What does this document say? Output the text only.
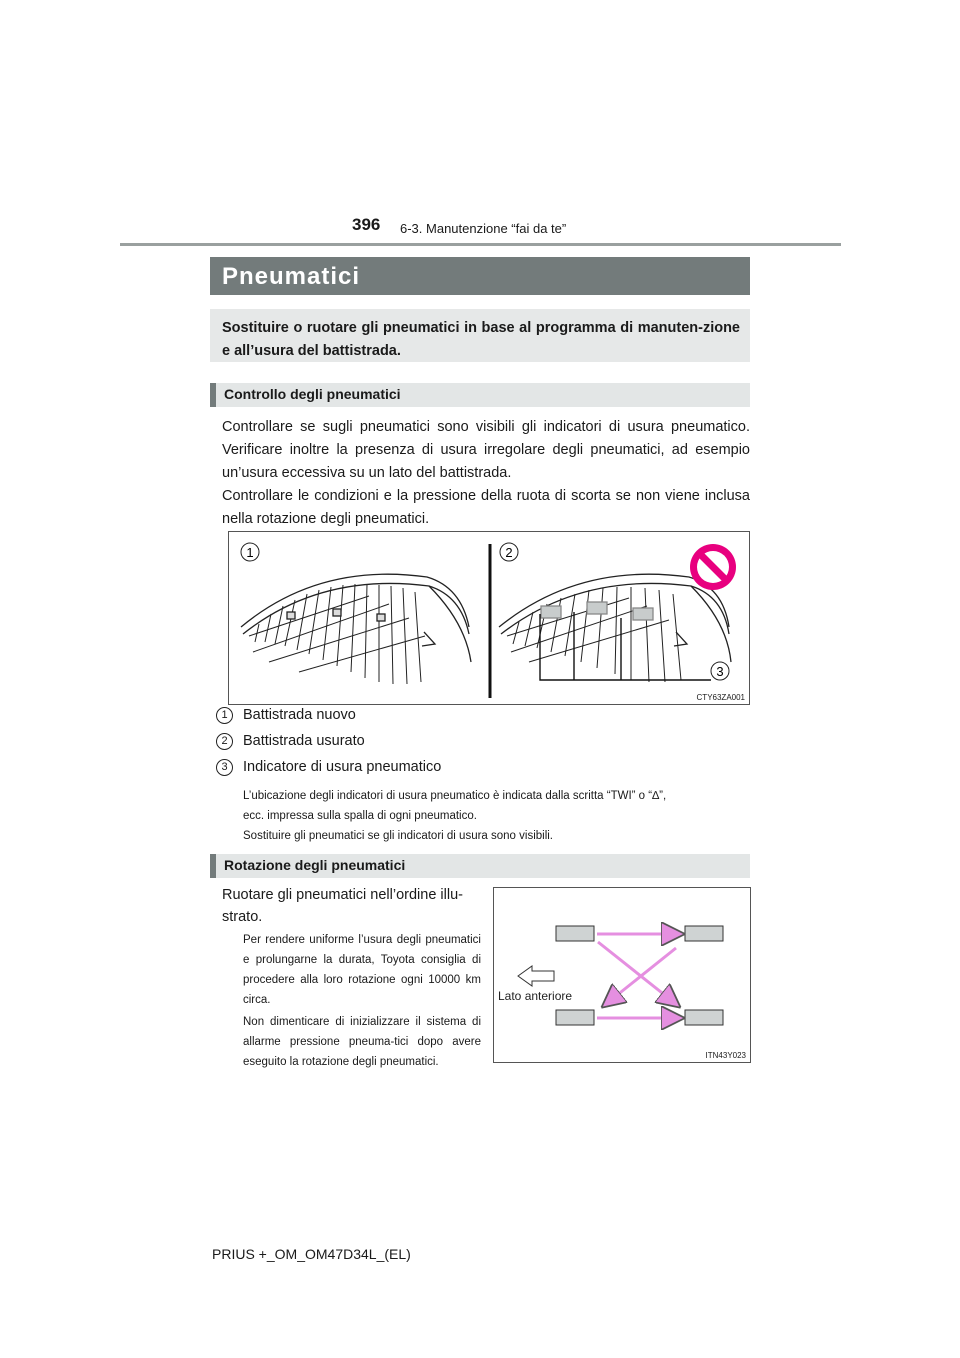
396 6-3. Manutenzione “fai da te”
Pneumatici

Sostituire o ruotare gli pneumatici in base al programma di manuten-zione e all’usura del battistrada.

Controllo degli pneumatici

Controllare se sugli pneumatici sono visibili gli indicatori di usura pneumatico. Verificare inoltre la presenza di usura irregolare degli pneumatici, ad esempio un’usura eccessiva su un lato del battistrada.

Controllare le condizioni e la pressione della ruota di scorta se non viene inclusa nella rotazione degli pneumatici.

1	2
3
CTY63ZA001
1 Battistrada nuovo
2 Battistrada usurato
3 Indicatore di usura pneumatico

L’ubicazione degli indicatori di usura pneumatico è indicata dalla scritta “TWI” o “∆”,

ecc. impressa sulla spalla di ogni pneumatico.

Sostituire gli pneumatici se gli indicatori di usura sono visibili.

Rotazione degli pneumatici
Ruotare gli pneumatici nell’ordine illu-strato.
Per rendere uniforme l’usura degli pneumatici e prolungarne la durata, Toyota consiglia di procedere alla loro rotazione ogni 10000 km circa.
Non dimenticare di inizializzare il sistema di allarme pressione pneuma-tici dopo avere eseguito la rotazione degli pneumatici.
Lato anteriore
ITN43Y023
PRIUS +_OM_OM47D34L_(EL)
